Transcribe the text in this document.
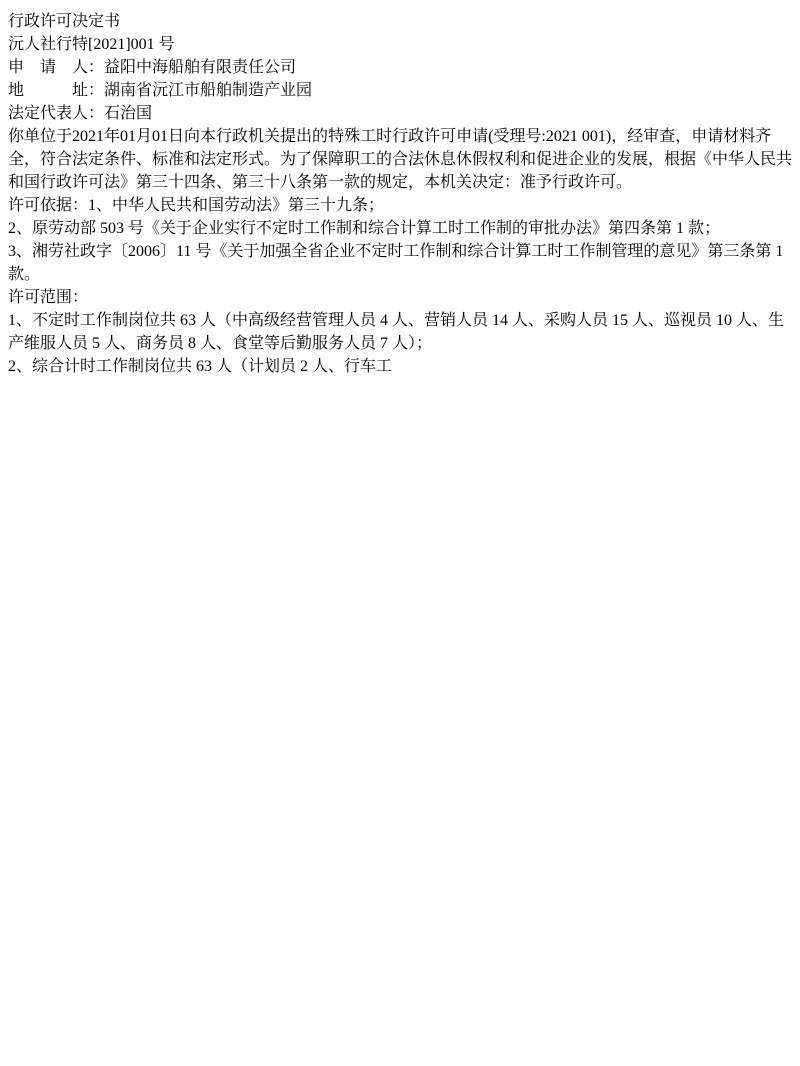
行政许可决定书
沅人社行特[2021]001 号
申　请　人：益阳中海船舶有限责任公司
地　　　址：湖南省沅江市船舶制造产业园
法定代表人：石治国
你单位于2021年01月01日向本行政机关提出的特殊工时行政许可申请(受理号:2021 001)，经审查，申请材料齐全，符合法定条件、标准和法定形式。为了保障职工的合法休息休假权利和促进企业的发展，根据《中华人民共和国行政许可法》第三十四条、第三十八条第一款的规定，本机关决定：准予行政许可。
许可依据：1、中华人民共和国劳动法》第三十九条；
2、原劳动部 503 号《关于企业实行不定时工作制和综合计算工时工作制的审批办法》第四条第 1 款；
3、湘劳社政字〔2006〕11 号《关于加强全省企业不定时工作制和综合计算工时工作制管理的意见》第三条第 1 款。
许可范围：
1、不定时工作制岗位共 63 人（中高级经营管理人员 4 人、营销人员 14 人、采购人员 15 人、巡视员 10 人、生产维服人员 5 人、商务员 8 人、食堂等后勤服务人员 7 人）；
2、综合计时工作制岗位共 63 人（计划员 2 人、行车工
